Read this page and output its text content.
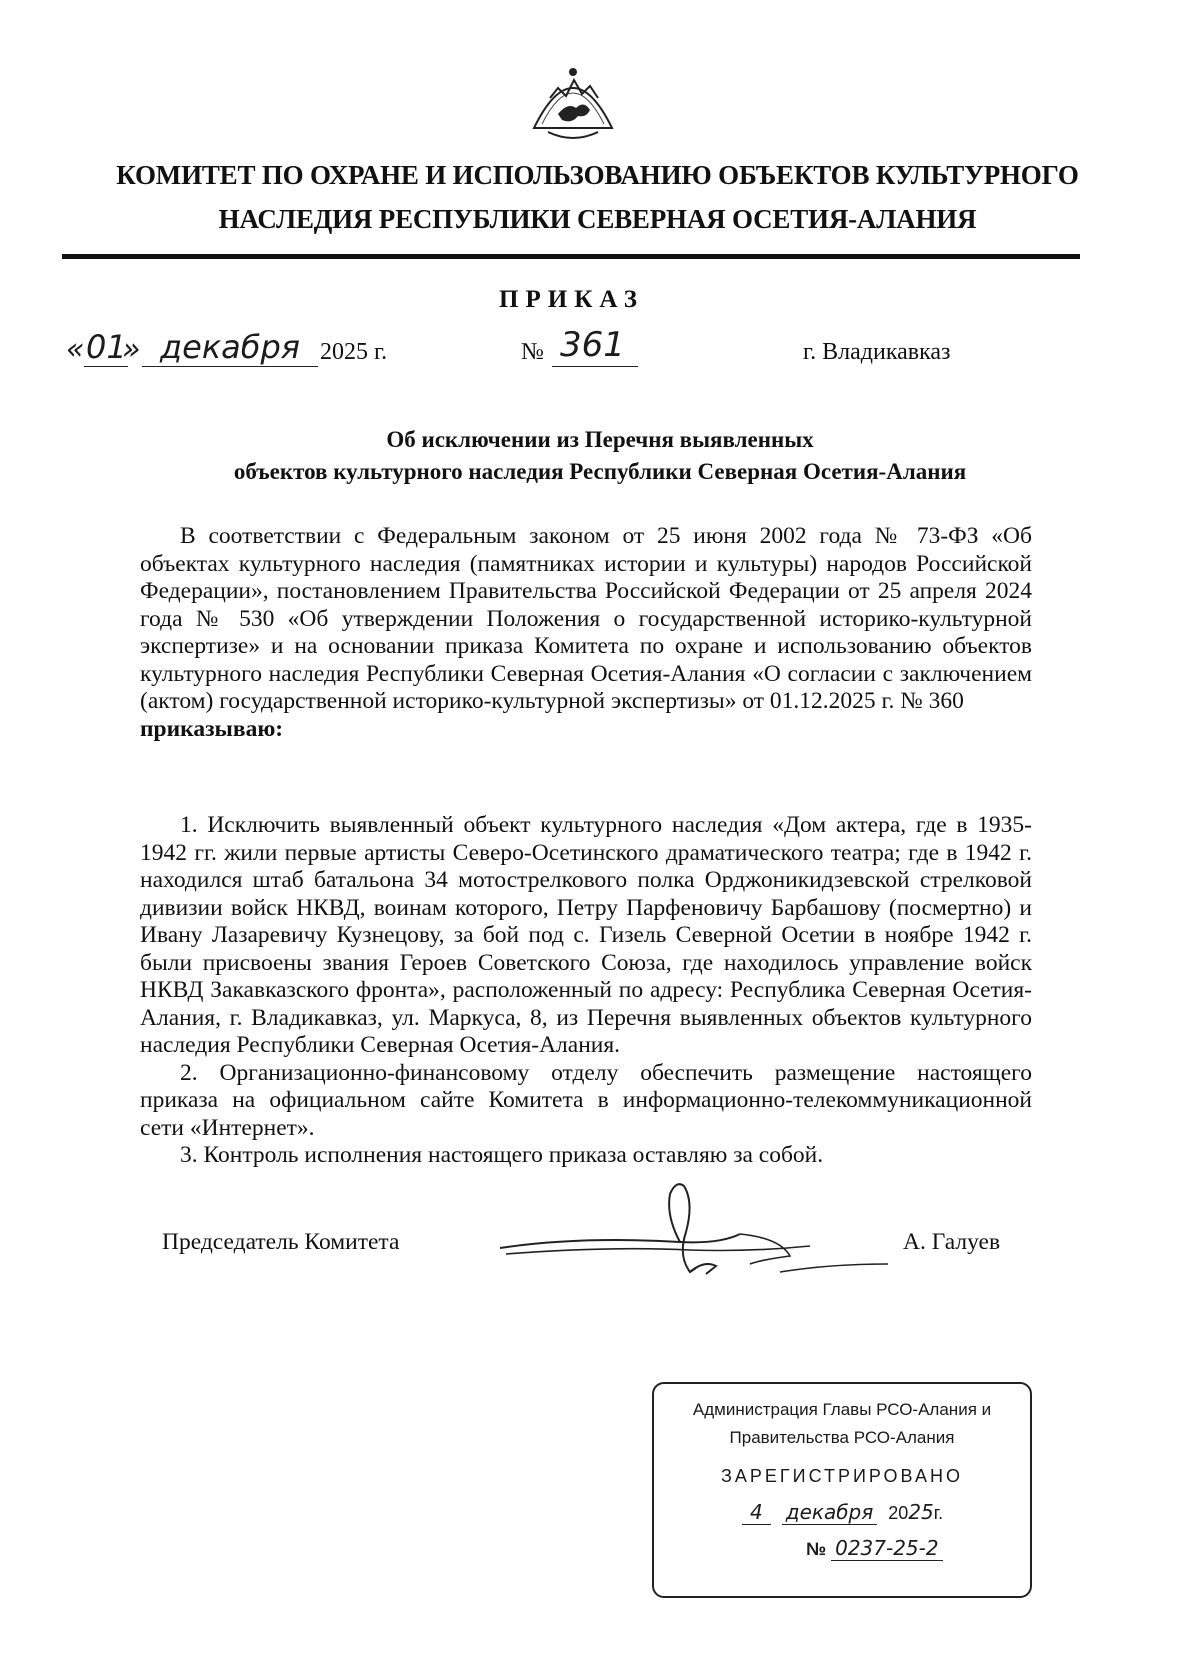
КОМИТЕТ ПО ОХРАНЕ И ИСПОЛЬЗОВАНИЮ ОБЪЕКТОВ КУЛЬТУРНОГО
НАСЛЕДИЯ РЕСПУБЛИКИ СЕВЕРНАЯ ОСЕТИЯ-АЛАНИЯ
ПРИКАЗ
« 01
» декабря 2025 г.	№ 361	г. Владикавказ
Об исключении из Перечня выявленных
объектов культурного наследия Республики Северная Осетия-Алания

В соответствии с Федеральным законом от 25 июня 2002 года № 73-ФЗ «Об объектах культурного наследия (памятниках истории и культуры) народов Российской Федерации», постановлением Правительства Российской Федерации от 25 апреля 2024 года № 530 «Об утверждении Положения о государственной историко-культурной экспертизе» и на основании приказа Комитета по охране и использованию объектов культурного наследия Республики Северная Осетия-Алания «О согласии с заключением (актом) государственной историко-культурной экспертизы» от 01.12.2025 г. № 360

приказываю:

1. Исключить выявленный объект культурного наследия «Дом актера, где в 1935-1942 гг. жили первые артисты Северо-Осетинского драматического театра; где в 1942 г. находился штаб батальона 34 мотострелкового полка Орджоникидзевской стрелковой дивизии войск НКВД, воинам которого, Петру Парфеновичу Барбашову (посмертно) и Ивану Лазаревичу Кузнецову, за бой под с. Гизель Северной Осетии в ноябре 1942 г. были присвоены звания Героев Советского Союза, где находилось управление войск НКВД Закавказского фронта», расположенный по адресу: Республика Северная Осетия-Алания, г. Владикавказ, ул. Маркуса, 8, из Перечня выявленных объектов культурного наследия Республики Северная Осетия-Алания.

2. Организационно-финансовому отделу обеспечить размещение настоящего приказа на официальном сайте Комитета в информационно-телекоммуникационной сети «Интернет».

3. Контроль исполнения настоящего приказа оставляю за собой.

Председатель Комитета	А. Галуев
Администрация Главы РСО-Алания и
Правительства РСО-Алания
ЗАРЕГИСТРИРОВАНО
4 декабря 2025г.
№ 0237-25-2
